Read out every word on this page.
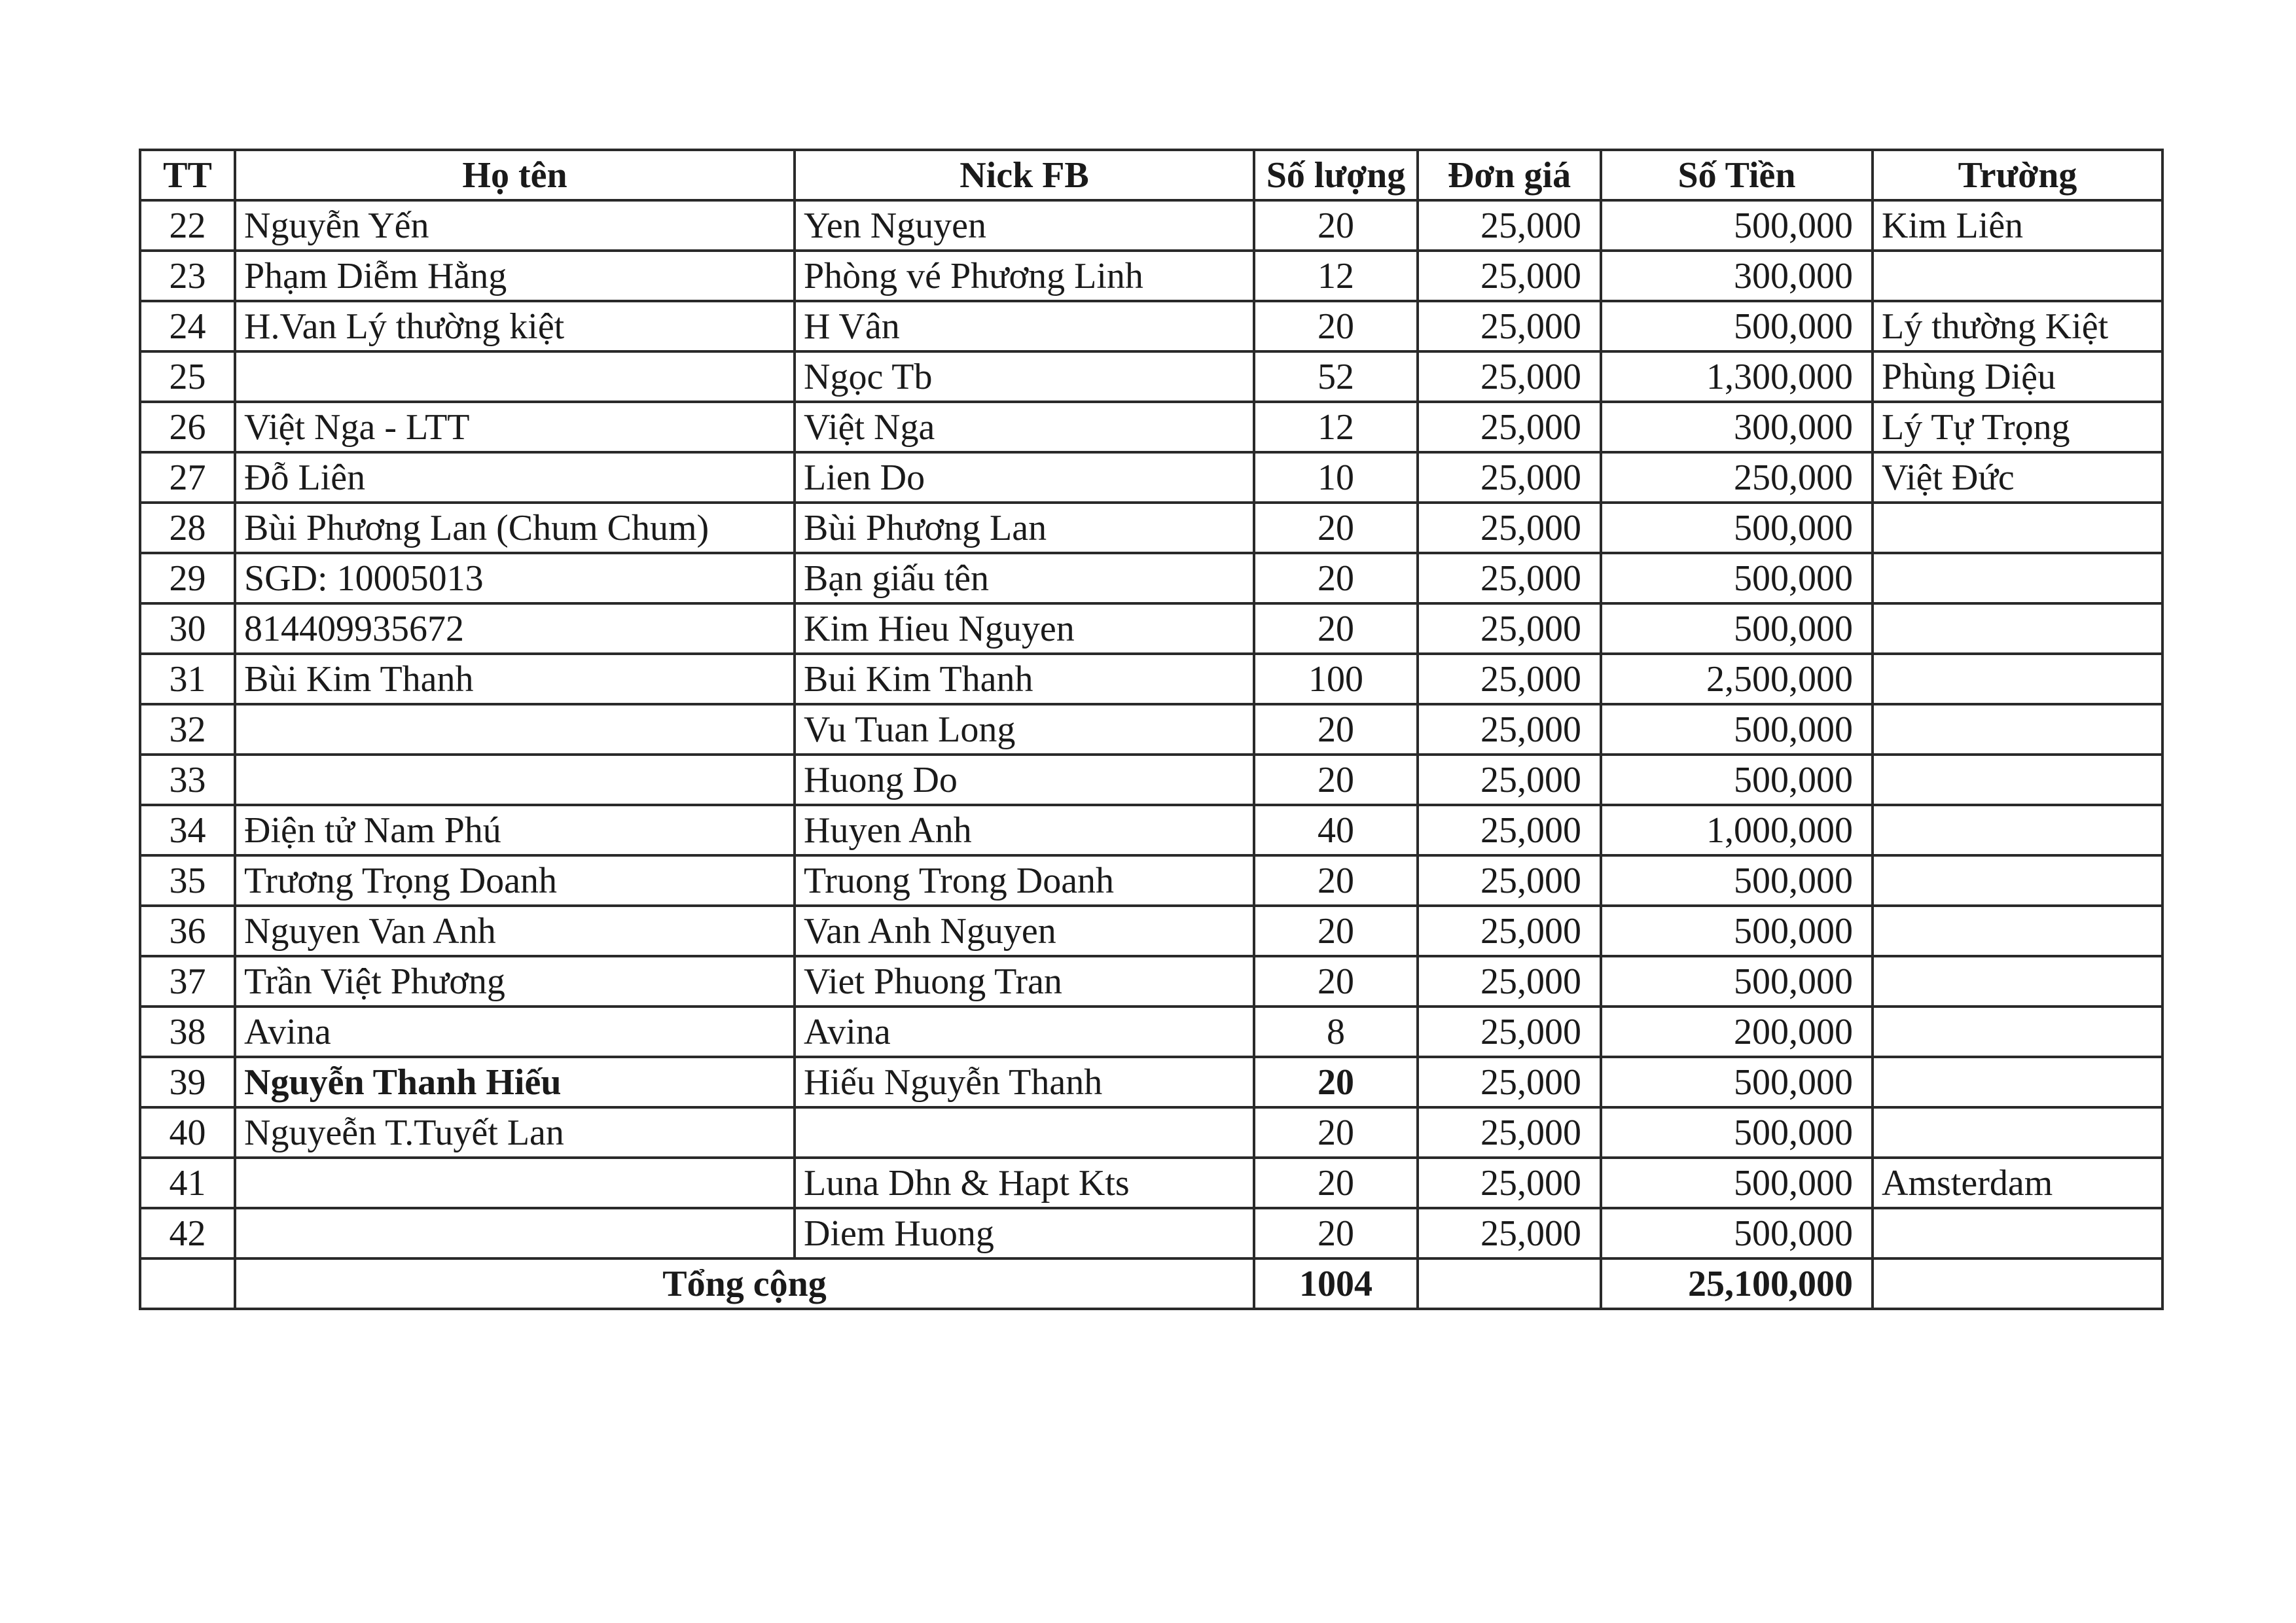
TT	Họ tên	Nick FB	Số lượng	Đơn giá	Số Tiền	Trường
22	Nguyễn Yến	Yen Nguyen	20	25,000	500,000	Kim Liên
23	Phạm Diễm Hằng	Phòng vé Phương Linh	12	25,000	300,000	
24	H.Van Lý thường kiệt	H Vân	20	25,000	500,000	Lý thường Kiệt
25		Ngọc Tb	52	25,000	1,300,000	Phùng Diệu
26	Việt Nga - LTT	Việt Nga	12	25,000	300,000	Lý Tự Trọng
27	Đỗ Liên	Lien Do	10	25,000	250,000	Việt Đức
28	Bùi Phương Lan (Chum Chum)	Bùi Phương Lan	20	25,000	500,000	
29	SGD: 10005013	Bạn giấu tên	20	25,000	500,000	
30	814409935672	Kim Hieu Nguyen	20	25,000	500,000	
31	Bùi Kim Thanh	Bui Kim Thanh	100	25,000	2,500,000	
32		Vu Tuan Long	20	25,000	500,000	
33		Huong Do	20	25,000	500,000	
34	Điện tử Nam Phú	Huyen Anh	40	25,000	1,000,000	
35	Trương Trọng Doanh	Truong Trong Doanh	20	25,000	500,000	
36	Nguyen Van Anh	Van Anh Nguyen	20	25,000	500,000	
37	Trần Việt Phương	Viet Phuong Tran	20	25,000	500,000	
38	Avina	Avina	8	25,000	200,000	
39	Nguyễn Thanh Hiếu	Hiếu Nguyễn Thanh	20	25,000	500,000	
40	Nguyeễn T.Tuyết Lan		20	25,000	500,000	
41		Luna Dhn & Hapt Kts	20	25,000	500,000	Amsterdam
42		Diem Huong	20	25,000	500,000	
	Tổng cộng		1004		25,100,000	
